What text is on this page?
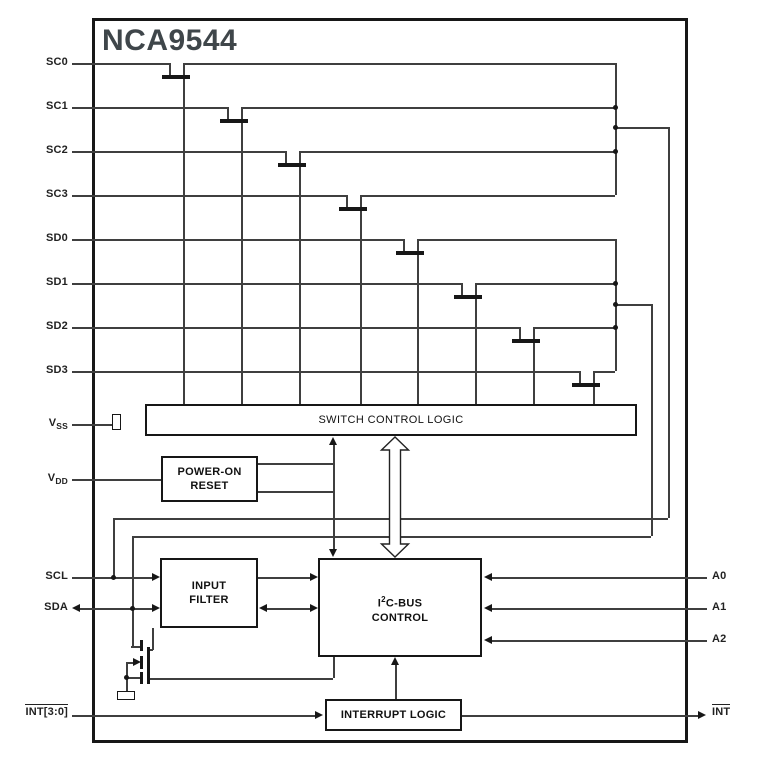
NCA9544
SWITCH CONTROL LOGIC
POWER-ON
RESET
INPUT
FILTER	$I^2C$-BUS
CONTROL
INTERRUPT LOGIC
$V_{SS}$
$V_{DD}$
SCL
SDA
INT[3:0]
A0
A1
A2
INT
SC0
SC1
SC2
SC3
SD0
SD1
SD2
SD3
